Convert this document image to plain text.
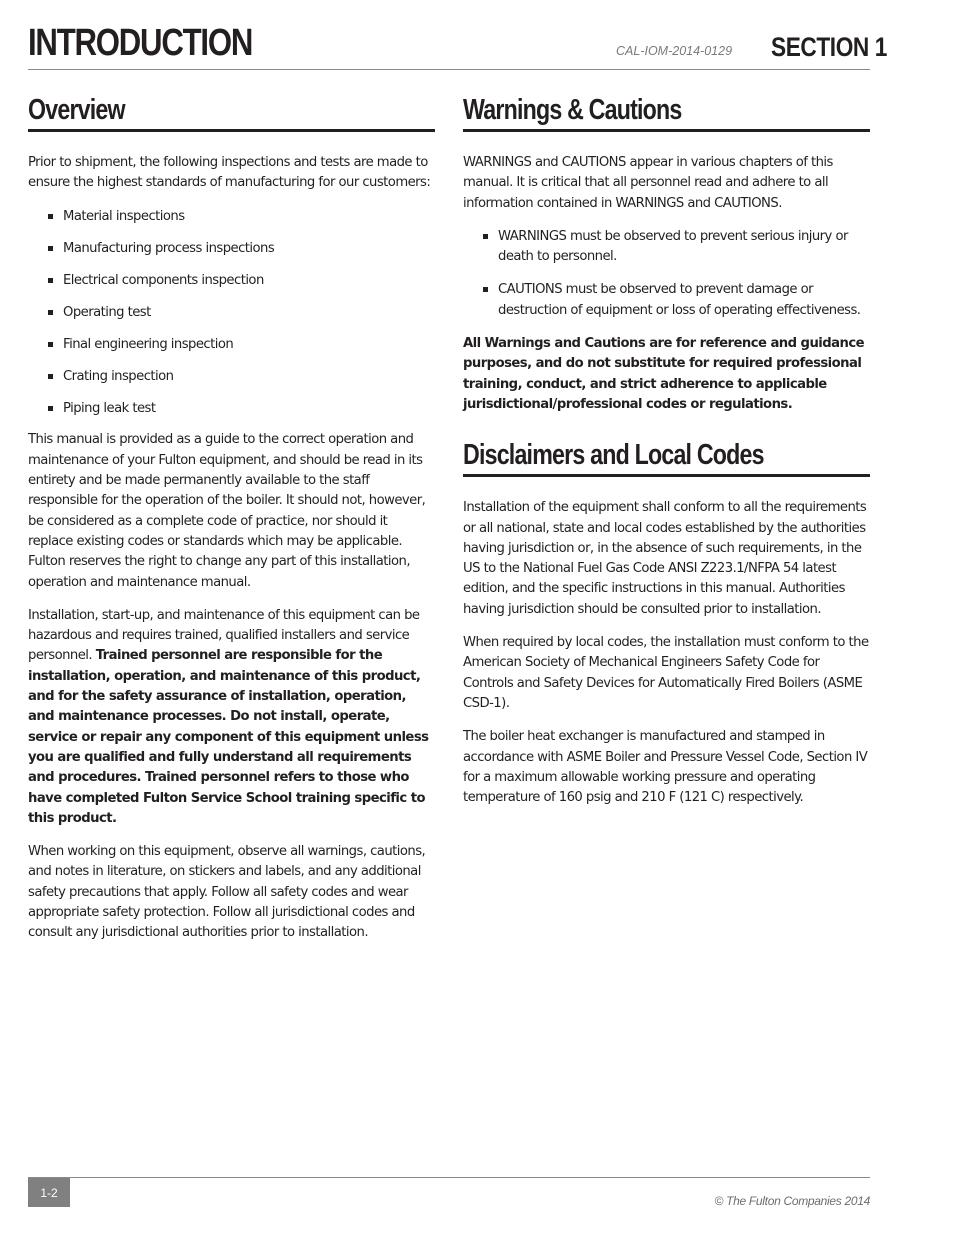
INTRODUCTION	CAL-IOM-2014-0129 SECTION 1
Overview

Prior to shipment, the following inspections and tests are made to ensure the highest standards of manufacturing for our customers:

Material inspections
Manufacturing process inspections
Electrical components inspection
Operating test
Final engineering inspection
Crating inspection
Piping leak test

This manual is provided as a guide to the correct operation and maintenance of your Fulton equipment, and should be read in its entirety and be made permanently available to the staff responsible for the operation of the boiler. It should not, however, be considered as a complete code of practice, nor should it replace existing codes or standards which may be applicable. Fulton reserves the right to change any part of this installation, operation and maintenance manual.

Installation, start-up, and maintenance of this equipment can be hazardous and requires trained, qualified installers and service personnel. Trained personnel are responsible for the installation, operation, and maintenance of this product, and for the safety assurance of installation, operation, and maintenance processes. Do not install, operate, service or repair any component of this equipment unless you are qualified and fully understand all requirements and procedures. Trained personnel refers to those who have completed Fulton Service School training specific to this product.

When working on this equipment, observe all warnings, cautions, and notes in literature, on stickers and labels, and any additional safety precautions that apply. Follow all safety codes and wear appropriate safety protection. Follow all jurisdictional codes and consult any jurisdictional authorities prior to installation.

Warnings & Cautions

WARNINGS and CAUTIONS appear in various chapters of this manual. It is critical that all personnel read and adhere to all information contained in WARNINGS and CAUTIONS.

WARNINGS must be observed to prevent serious injury or death to personnel.
CAUTIONS must be observed to prevent damage or destruction of equipment or loss of operating effectiveness.

All Warnings and Cautions are for reference and guidance purposes, and do not substitute for required professional training, conduct, and strict adherence to applicable jurisdictional/professional codes or regulations.

Disclaimers and Local Codes

Installation of the equipment shall conform to all the requirements or all national, state and local codes established by the authorities having jurisdiction or, in the absence of such requirements, in the US to the National Fuel Gas Code ANSI Z223.1/NFPA 54 latest edition, and the specific instructions in this manual. Authorities having jurisdiction should be consulted prior to installation.

When required by local codes, the installation must conform to the American Society of Mechanical Engineers Safety Code for Controls and Safety Devices for Automatically Fired Boilers (ASME CSD-1).

The boiler heat exchanger is manufactured and stamped in accordance with ASME Boiler and Pressure Vessel Code, Section IV for a maximum allowable working pressure and operating temperature of 160 psig and 210 F (121 C) respectively.

1-2
© The Fulton Companies 2014
